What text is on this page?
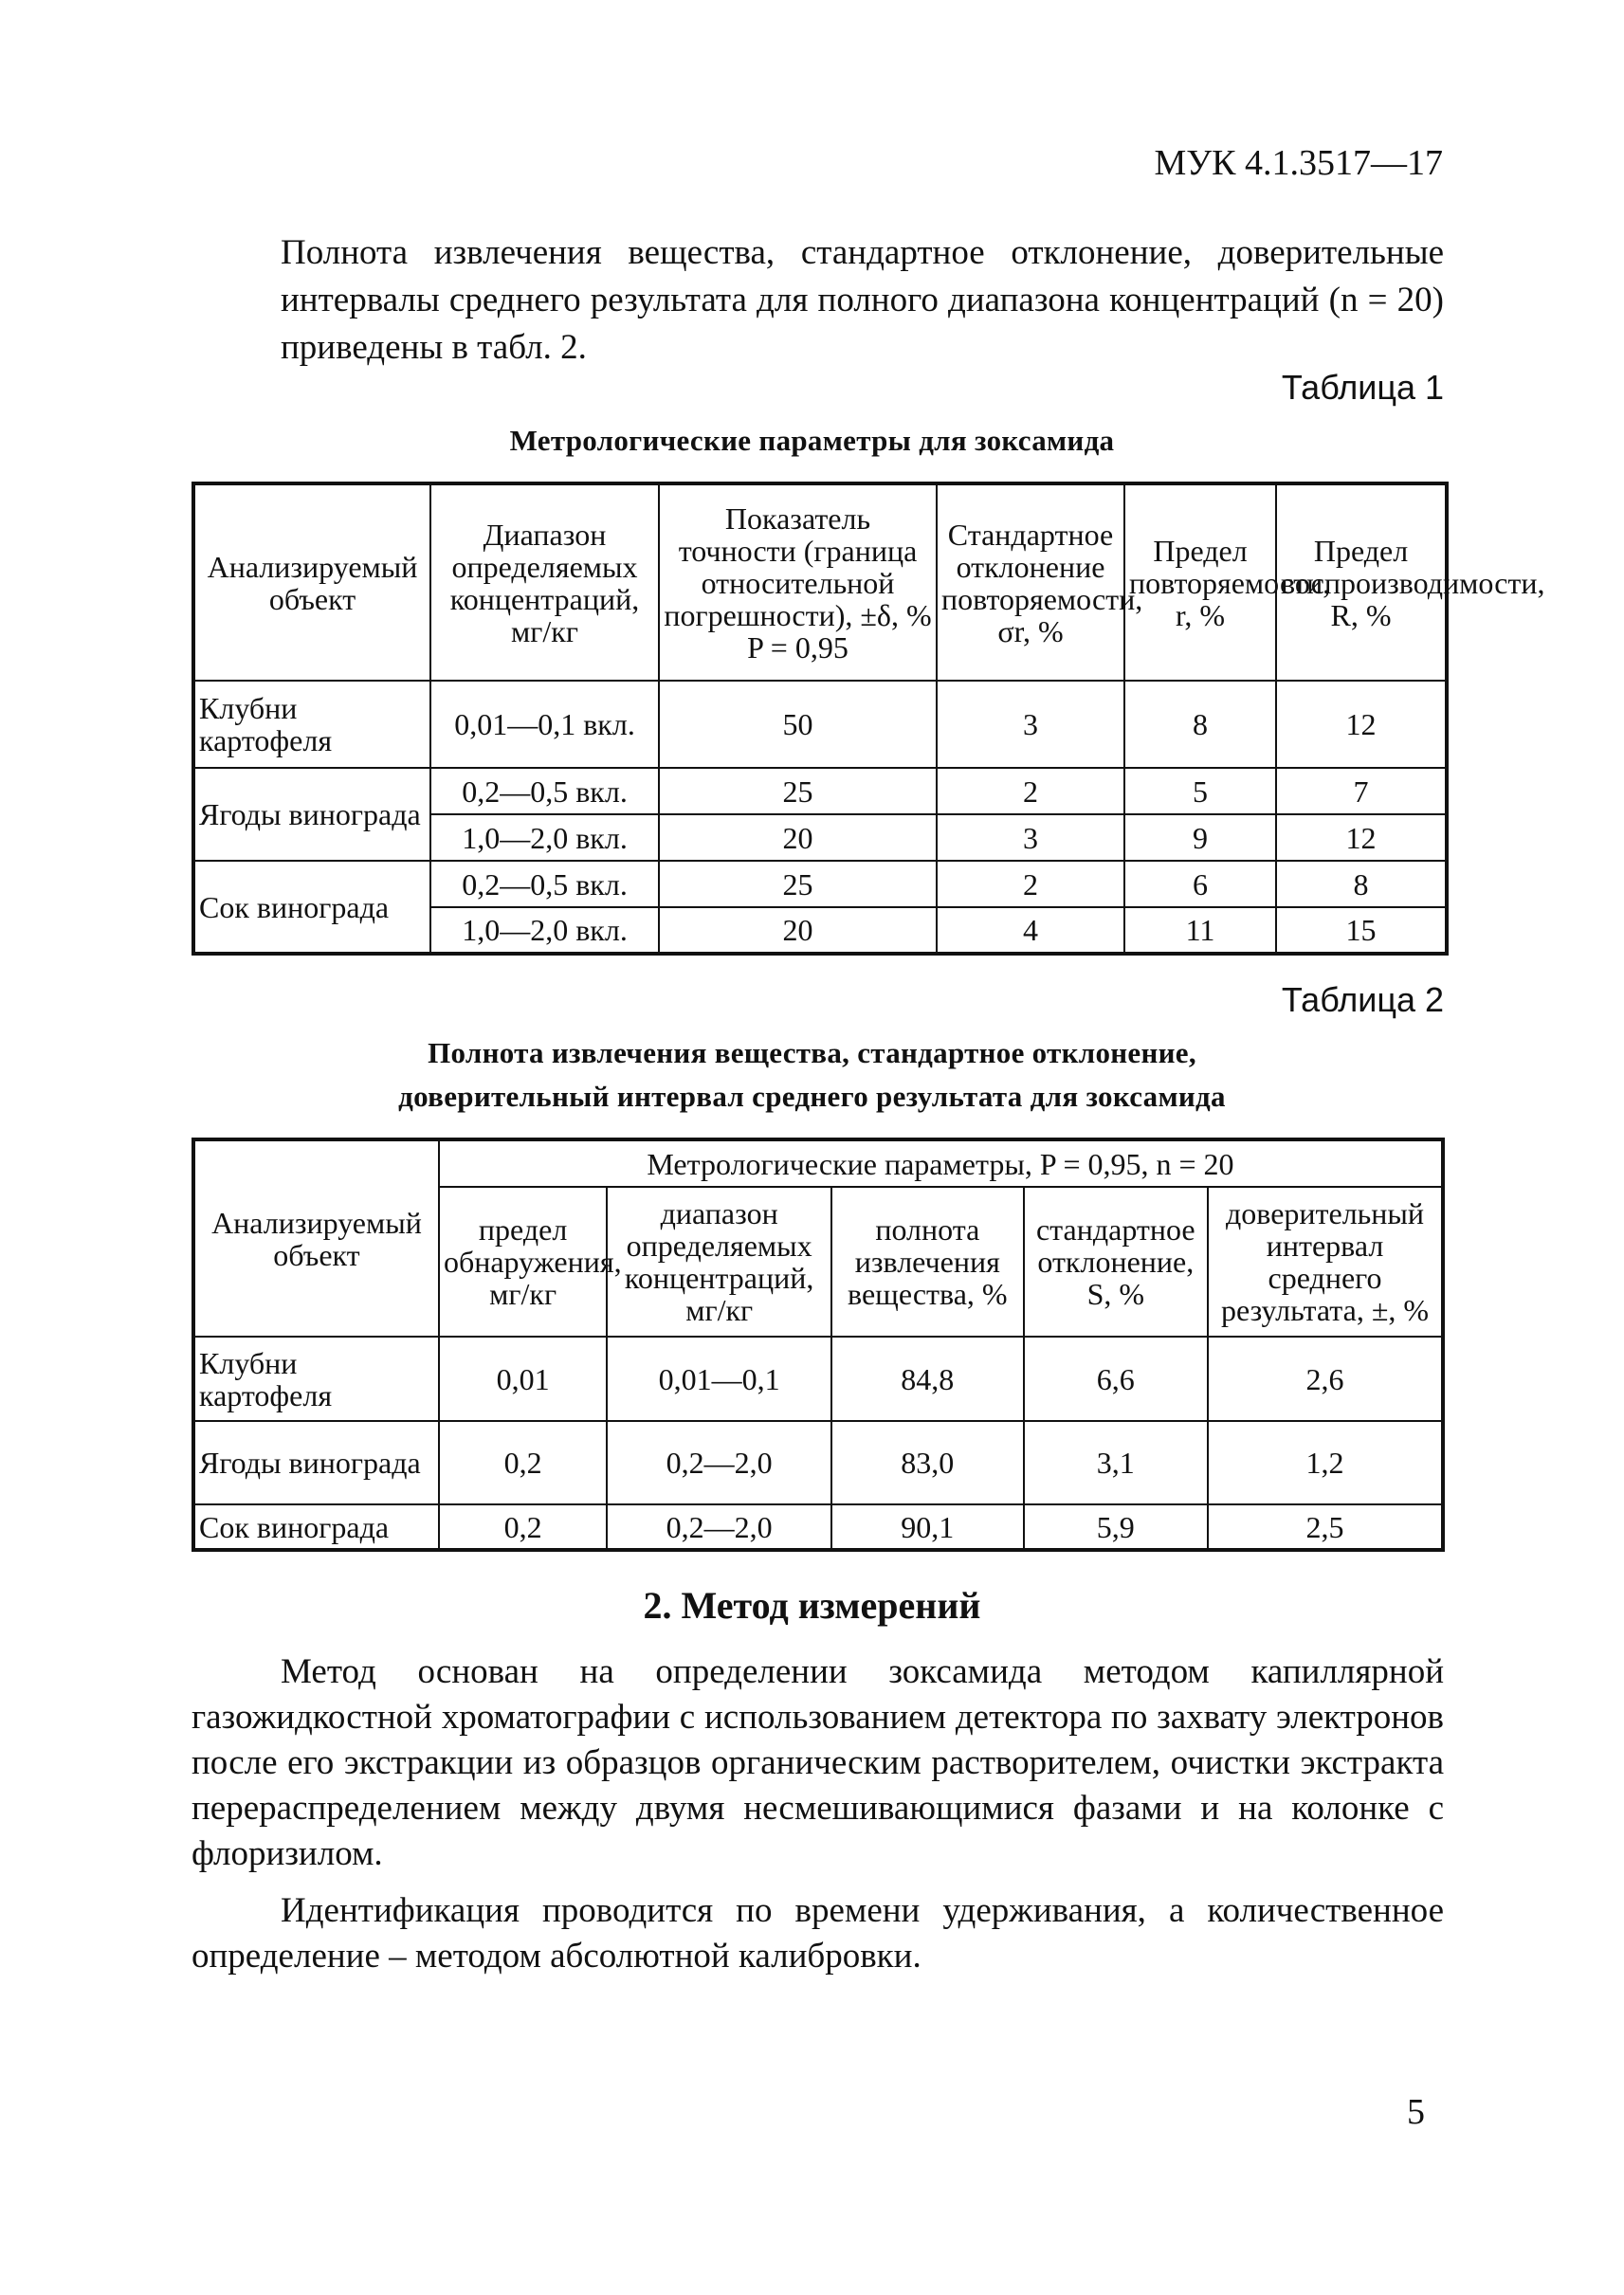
МУК 4.1.3517—17

Полнота извлечения вещества, стандартное отклонение, доверительные интервалы среднего результата для полного диапазона концентраций (n = 20) приведены в табл. 2.

Таблица 1
Метрологические параметры для зоксамида
Анализируемый объект	Диапазон определяемых концентраций, мг/кг	Показатель точности (граница относительной погрешности), ±δ, % P = 0,95	Стандартное отклонение повторяемости, σr, %	Предел повторяемости, r, %	Предел воспроизводимости, R, %
Клубни картофеля	0,01—0,1 вкл.	50	3	8	12
Ягоды винограда	0,2—0,5 вкл.	25	2	5	7
	1,0—2,0 вкл.	20	3	9	12
Сок винограда	0,2—0,5 вкл.	25	2	6	8
	1,0—2,0 вкл.	20	4	11	15
Таблица 2
Полнота извлечения вещества, стандартное отклонение,
доверительный интервал среднего результата для зоксамида
Анализируемый объект	Метрологические параметры, P = 0,95, n = 20				
	предел обнаружения, мг/кг	диапазон определяемых концентраций, мг/кг	полнота извлечения вещества, %	стандартное отклонение, S, %	доверительный интервал среднего результата, ±, %
Клубни картофеля	0,01	0,01—0,1	84,8	6,6	2,6
Ягоды винограда	0,2	0,2—2,0	83,0	3,1	1,2
Сок винограда	0,2	0,2—2,0	90,1	5,9	2,5
2. Метод измерений

Метод основан на определении зоксамида методом капиллярной газожидкостной хроматографии с использованием детектора по захвату электронов после его экстракции из образцов органическим растворителем, очистки экстракта перераспределением между двумя несмешивающимися фазами и на колонке с флоризилом.

Идентификация проводится по времени удерживания, а количественное определение – методом абсолютной калибровки.

5
